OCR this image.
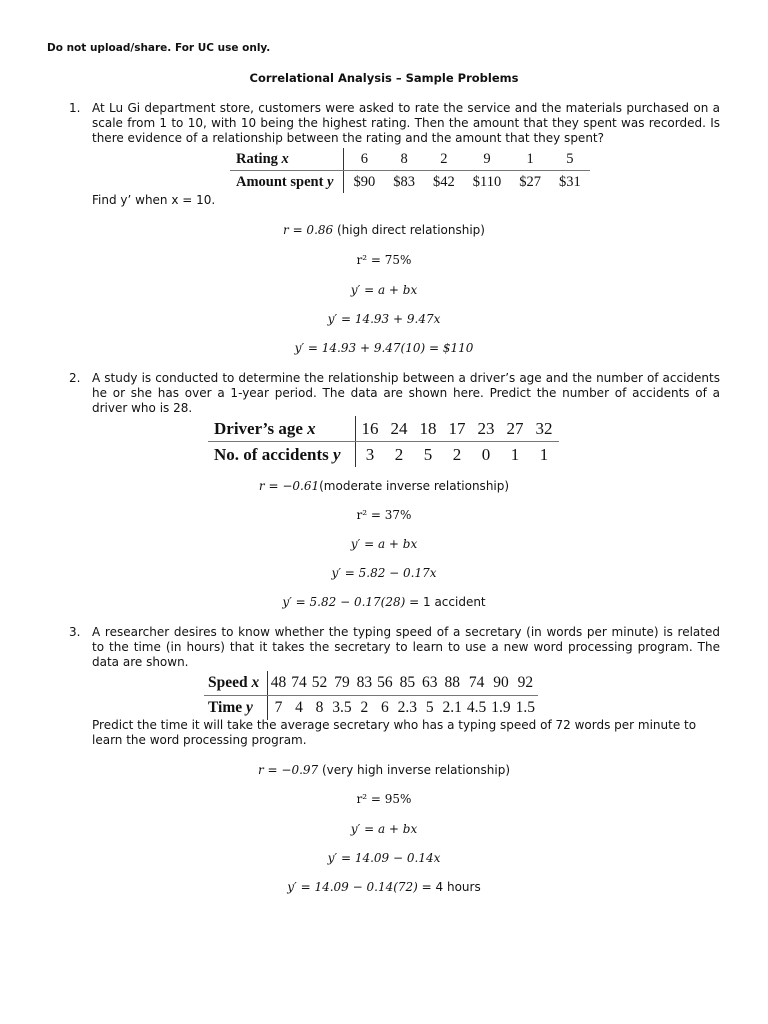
Do not upload/share. For UC use only.
Correlational Analysis – Sample Problems
1. At Lu Gi department store, customers were asked to rate the service and the materials purchased on a scale from 1 to 10, with 10 being the highest rating. Then the amount that they spent was recorded. Is there evidence of a relationship between the rating and the amount that they spent?
Rating x	6	8	2	9	1	5
Amount spent y	$90	$83	$42	$110	$27	$31
Find y’ when x = 10.
r = 0.86 (high direct relationship)
r² = 75%
y′ = a + bx
y′ = 14.93 + 9.47x
y′ = 14.93 + 9.47(10) = $110
2. A study is conducted to determine the relationship between a driver’s age and the number of accidents he or she has over a 1-year period. The data are shown here. Predict the number of accidents of a driver who is 28.
Driver’s age x	16	24	18	17	23	27	32
No. of accidents y	3	2	5	2	0	1	1
r = −0.61(moderate inverse relationship)
r² = 37%
y′ = a + bx
y′ = 5.82 − 0.17x
y′ = 5.82 − 0.17(28) = 1 accident
3. A researcher desires to know whether the typing speed of a secretary (in words per minute) is related to the time (in hours) that it takes the secretary to learn to use a new word processing program. The data are shown.
Speed x	48	74	52	79	83	56	85	63	88	74	90	92
Time y	7	4	8	3.5	2	6	2.3	5	2.1	4.5	1.9	1.5
Predict the time it will take the average secretary who has a typing speed of 72 words per minute to learn the word processing program.
r = −0.97 (very high inverse relationship)
r² = 95%
y′ = a + bx
y′ = 14.09 − 0.14x
y′ = 14.09 − 0.14(72) = 4 hours
